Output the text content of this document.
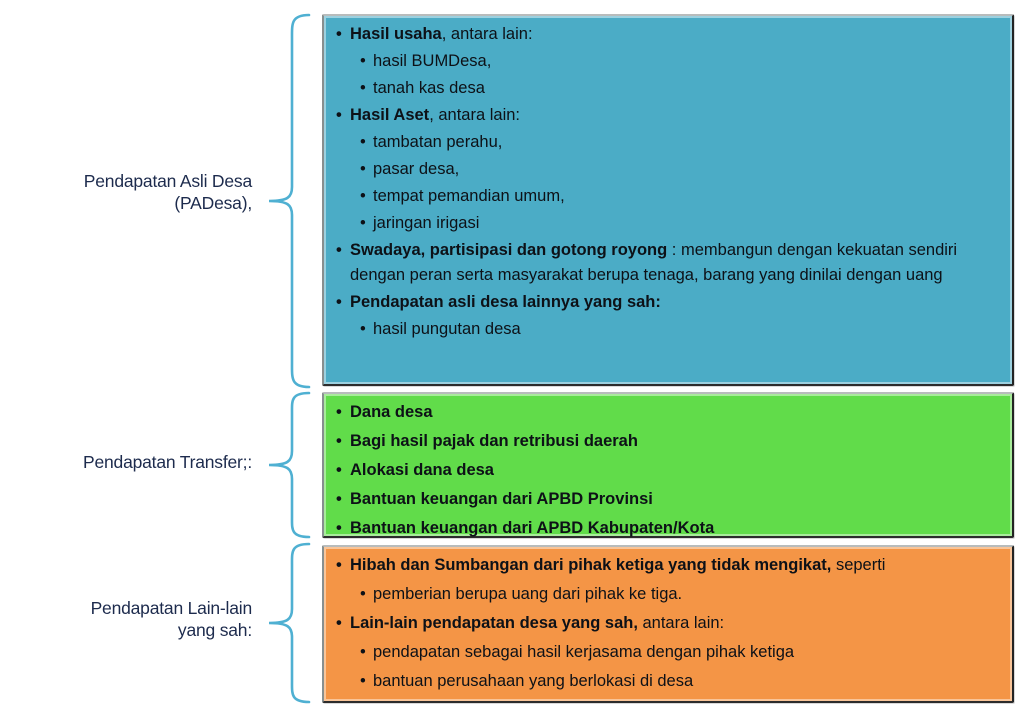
Pendapatan Asli Desa
(PADesa),
Pendapatan Transfer;:
Pendapatan Lain-lain
yang sah:
• Hasil usaha, antara lain:
• hasil BUMDesa,
• tanah kas desa
• Hasil Aset, antara lain:
• tambatan perahu,
• pasar desa,
• tempat pemandian umum,
• jaringan irigasi
• Swadaya, partisipasi dan gotong royong : membangun dengan kekuatan sendiri dengan peran serta masyarakat berupa tenaga, barang yang dinilai dengan uang
• Pendapatan asli desa lainnya yang sah:
• hasil pungutan desa
• Dana desa
• Bagi hasil pajak dan retribusi daerah
• Alokasi dana desa
• Bantuan keuangan dari APBD Provinsi
• Bantuan keuangan dari APBD Kabupaten/Kota
• Hibah dan Sumbangan dari pihak ketiga yang tidak mengikat, seperti
• pemberian berupa uang dari pihak ke tiga.
• Lain-lain pendapatan desa yang sah, antara lain:
• pendapatan sebagai hasil kerjasama dengan pihak ketiga
• bantuan perusahaan yang berlokasi di desa
